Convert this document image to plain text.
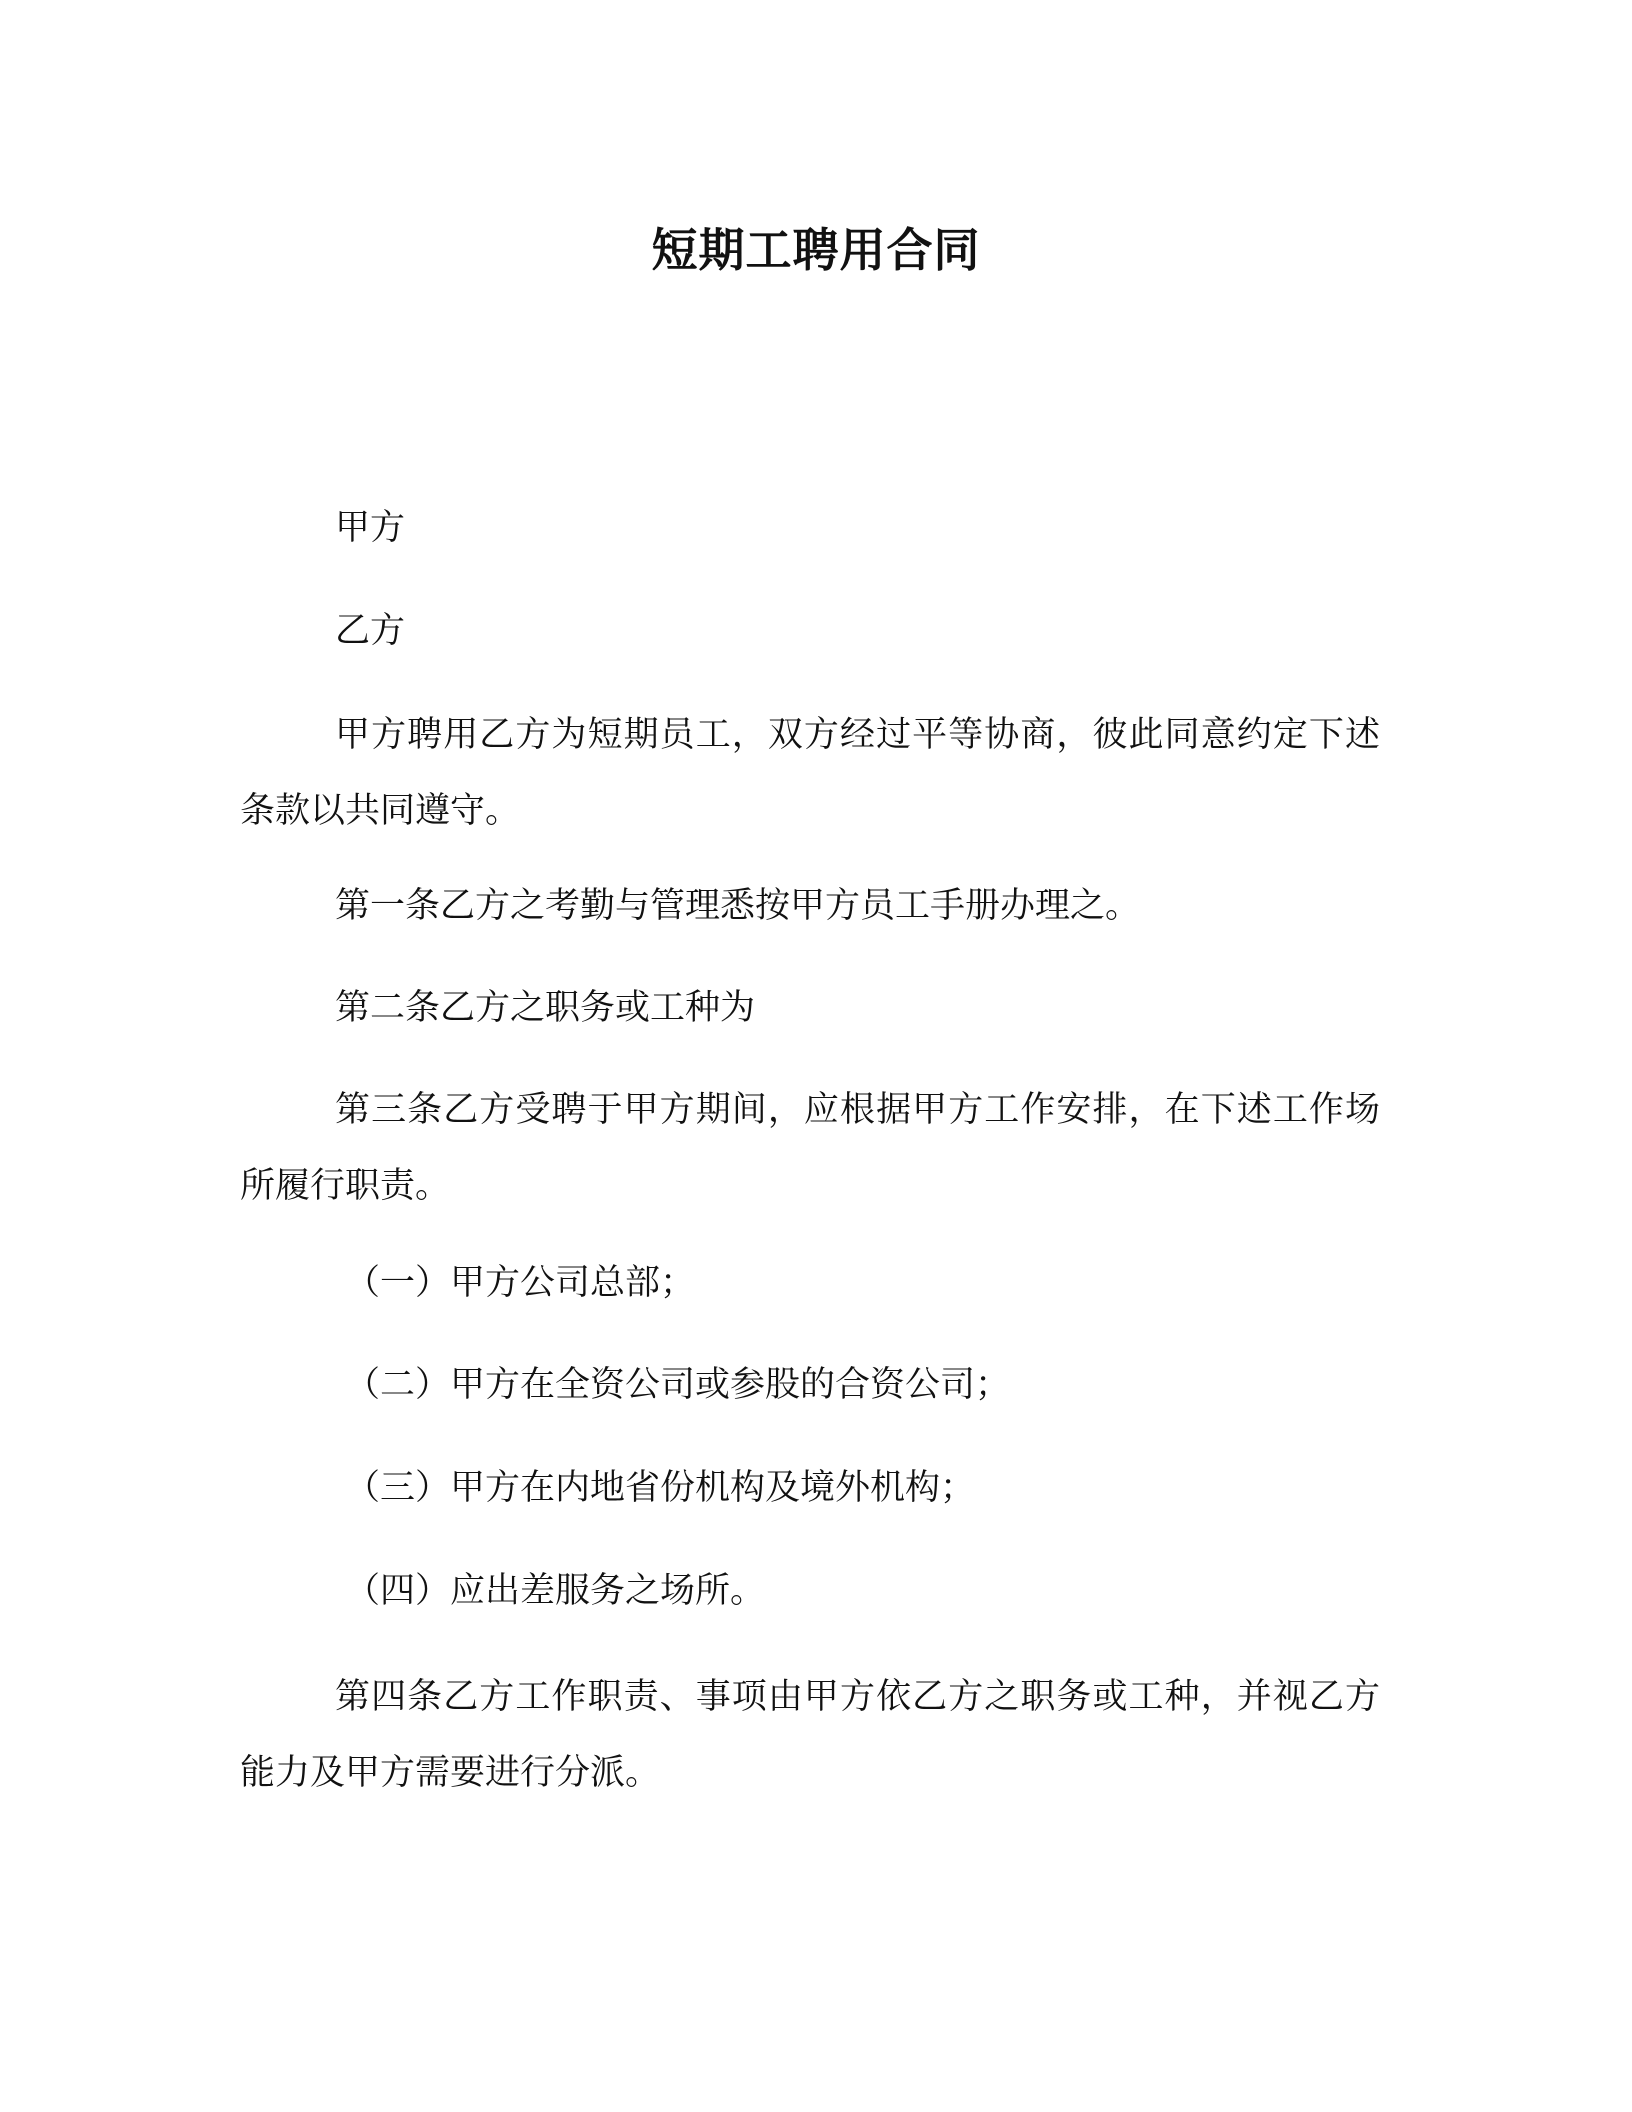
短期工聘用合同

甲方

乙方

甲方聘用乙方为短期员工，双方经过平等协商，彼此同意约定下述条款以共同遵守。

第一条乙方之考勤与管理悉按甲方员工手册办理之。

第二条乙方之职务或工种为

第三条乙方受聘于甲方期间，应根据甲方工作安排，在下述工作场所履行职责。

（一）甲方公司总部；

（二）甲方在全资公司或参股的合资公司；

（三）甲方在内地省份机构及境外机构；

（四）应出差服务之场所。

第四条乙方工作职责、事项由甲方依乙方之职务或工种，并视乙方能力及甲方需要进行分派。
